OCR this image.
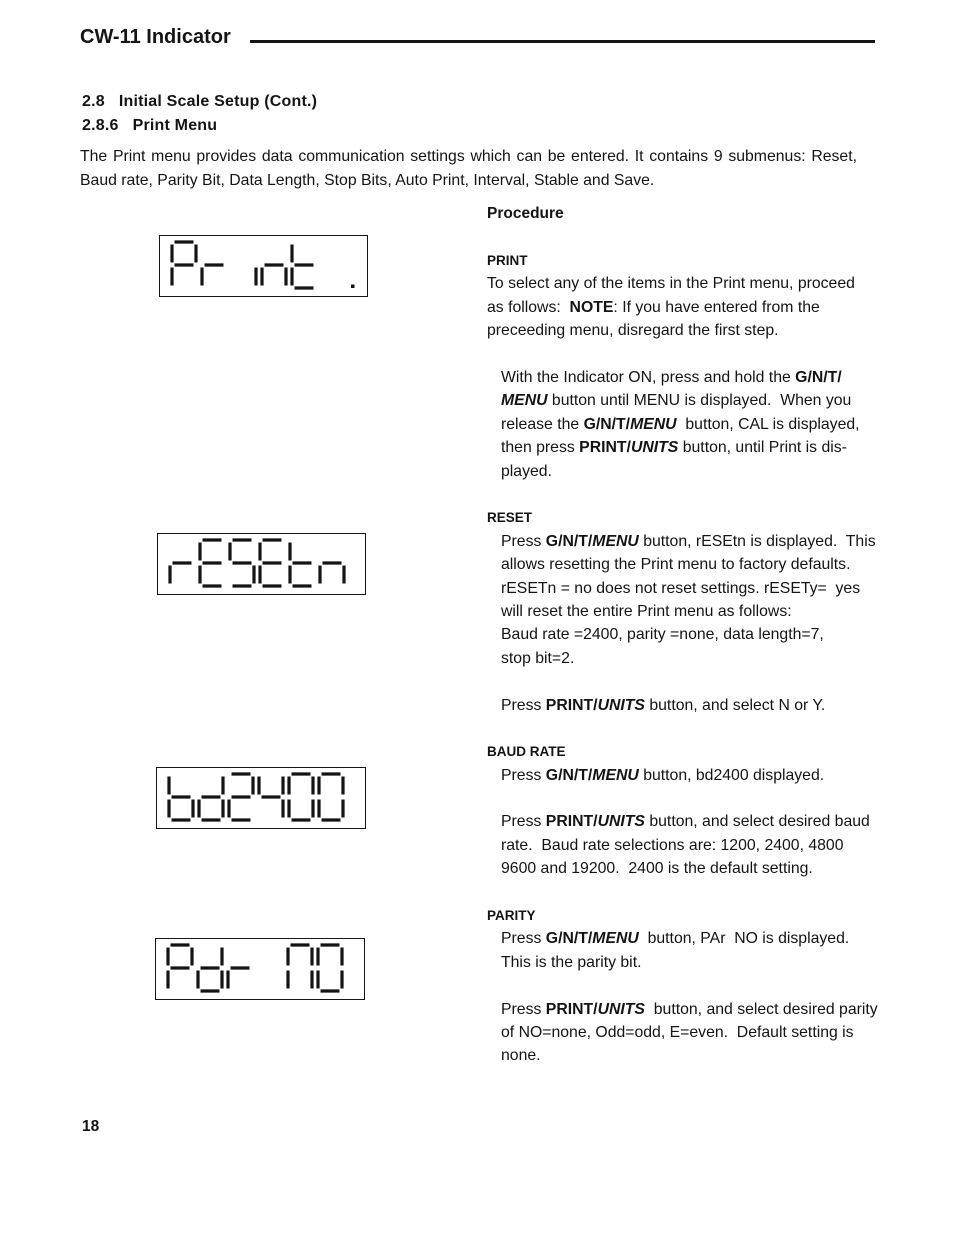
CW-11 Indicator
2.8 Initial Scale Setup (Cont.)
2.8.6 Print Menu
The Print menu provides data communication settings which can be entered. It contains 9 submenus: Reset,
Baud rate, Parity Bit, Data Length, Stop Bits, Auto Print, Interval, Stable and Save.
Procedure
PRINT
To select any of the items in the Print menu, proceed
as follows:  NOTE: If you have entered from the
preceeding menu, disregard the first step.
With the Indicator ON, press and hold the G/N/T/
MENU button until MENU is displayed.  When you
release the G/N/T/MENU  button, CAL is displayed,
then press PRINT/UNITS button, until Print is dis-
played.
RESET
Press G/N/T/MENU button, rESEtn is displayed.  This
allows resetting the Print menu to factory defaults.
rESETn = no does not reset settings. rESETy=  yes
will reset the entire Print menu as follows:
Baud rate =2400, parity =none, data length=7,
stop bit=2.
Press PRINT/UNITS button, and select N or Y.
BAUD RATE
Press G/N/T/MENU button, bd2400 displayed.
Press PRINT/UNITS button, and select desired baud
rate.  Baud rate selections are: 1200, 2400, 4800
9600 and 19200.  2400 is the default setting.
PARITY
Press G/N/T/MENU  button, PAr  NO is displayed.
This is the parity bit.
Press PRINT/UNITS  button, and select desired parity
of NO=none, Odd=odd, E=even.  Default setting is
none.
18
